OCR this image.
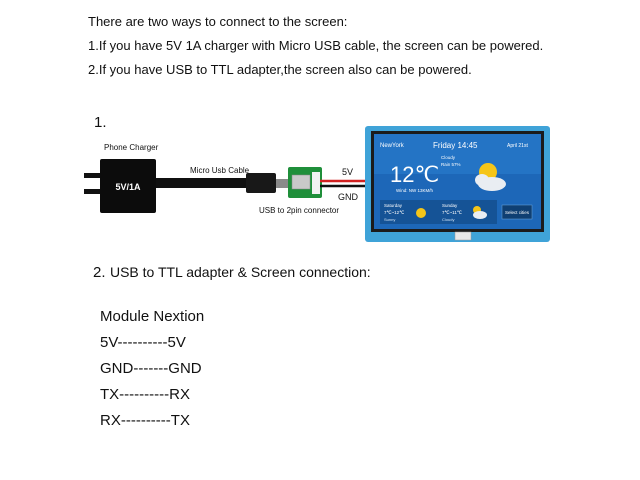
There are two ways to connect to the screen:
1.If you have 5V 1A charger with Micro USB cable, the screen can be powered.
2.If you have USB to TTL adapter,the screen also can be powered.
1.
5V/1A
Phone Charger
Micro Usb Cable
USB to 2pin connector
5V
GND
NewYork	Friday 14:45	April 21st
12℃
Cloudy
Rain 57%
Wind: NW 13KM/h
Saturday
7℃~12℃
Sunny
Sunday
7℃~11℃
Cloudy
Select cities
2. USB to TTL adapter & Screen connection:
Module Nextion
5V----------5V
GND-------GND
TX----------RX
RX----------TX
